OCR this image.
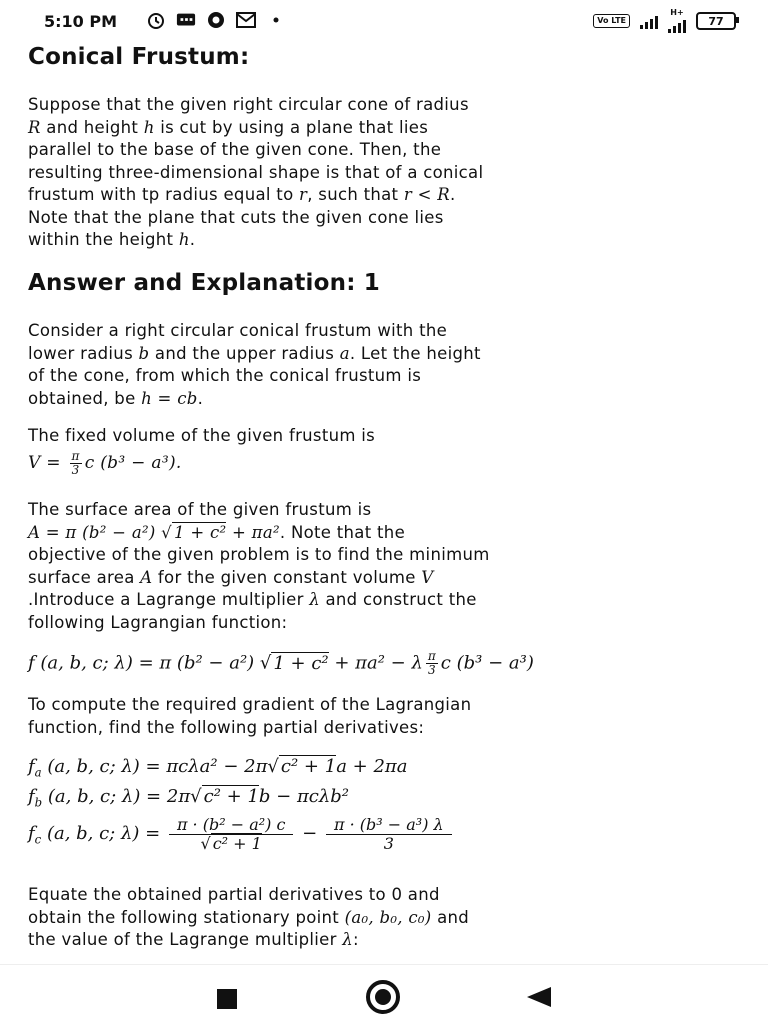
5:10 PM	Vo LTE
H+
77
Conical Frustum:
Suppose that the given right circular cone of radius
R and height h is cut by using a plane that lies
parallel to the base of the given cone. Then, the
resulting three-dimensional shape is that of a conical
frustum with tp radius equal to r, such that r < R.
Note that the plane that cuts the given cone lies
within the height h.
Answer and Explanation: 1
Consider a right circular conical frustum with the
lower radius b and the upper radius a. Let the height
of the cone, from which the conical frustum is
obtained, be h = cb.
The fixed volume of the given frustum is
$V = \frac{\pi}{3}$ c (b³ − a³).
The surface area of the given frustum is
A = π (b² − a²) √ 1 + c² + πa². Note that the
objective of the given problem is to find the minimum
surface area A for the given constant volume V
.Introduce a Lagrange multiplier λ and construct the
following Lagrangian function:
f (a, b, c; λ) = π (b² − a²) √ 1 + c² + πa² − λ $\frac{\pi}{3}$ c (b³ − a³)
To compute the required gradient of the Lagrangian
function, find the following partial derivatives:
$f_a$ (a, b, c; λ) = πcλa² − 2π√ c² + 1a + 2πa
$f_b$ (a, b, c; λ) = 2π√ c² + 1b − πcλb²
$f_c$ (a, b, c; $\lambda) = \frac{\text{π · (b² − a²) c}}{\text{√ c² + 1}} - \frac{\text{π · (b³ − a³) λ}}{3}$
Equate the obtained partial derivatives to 0 and
obtain the following stationary point (a₀, b₀, c₀) and
the value of the Lagrange multiplier λ:
